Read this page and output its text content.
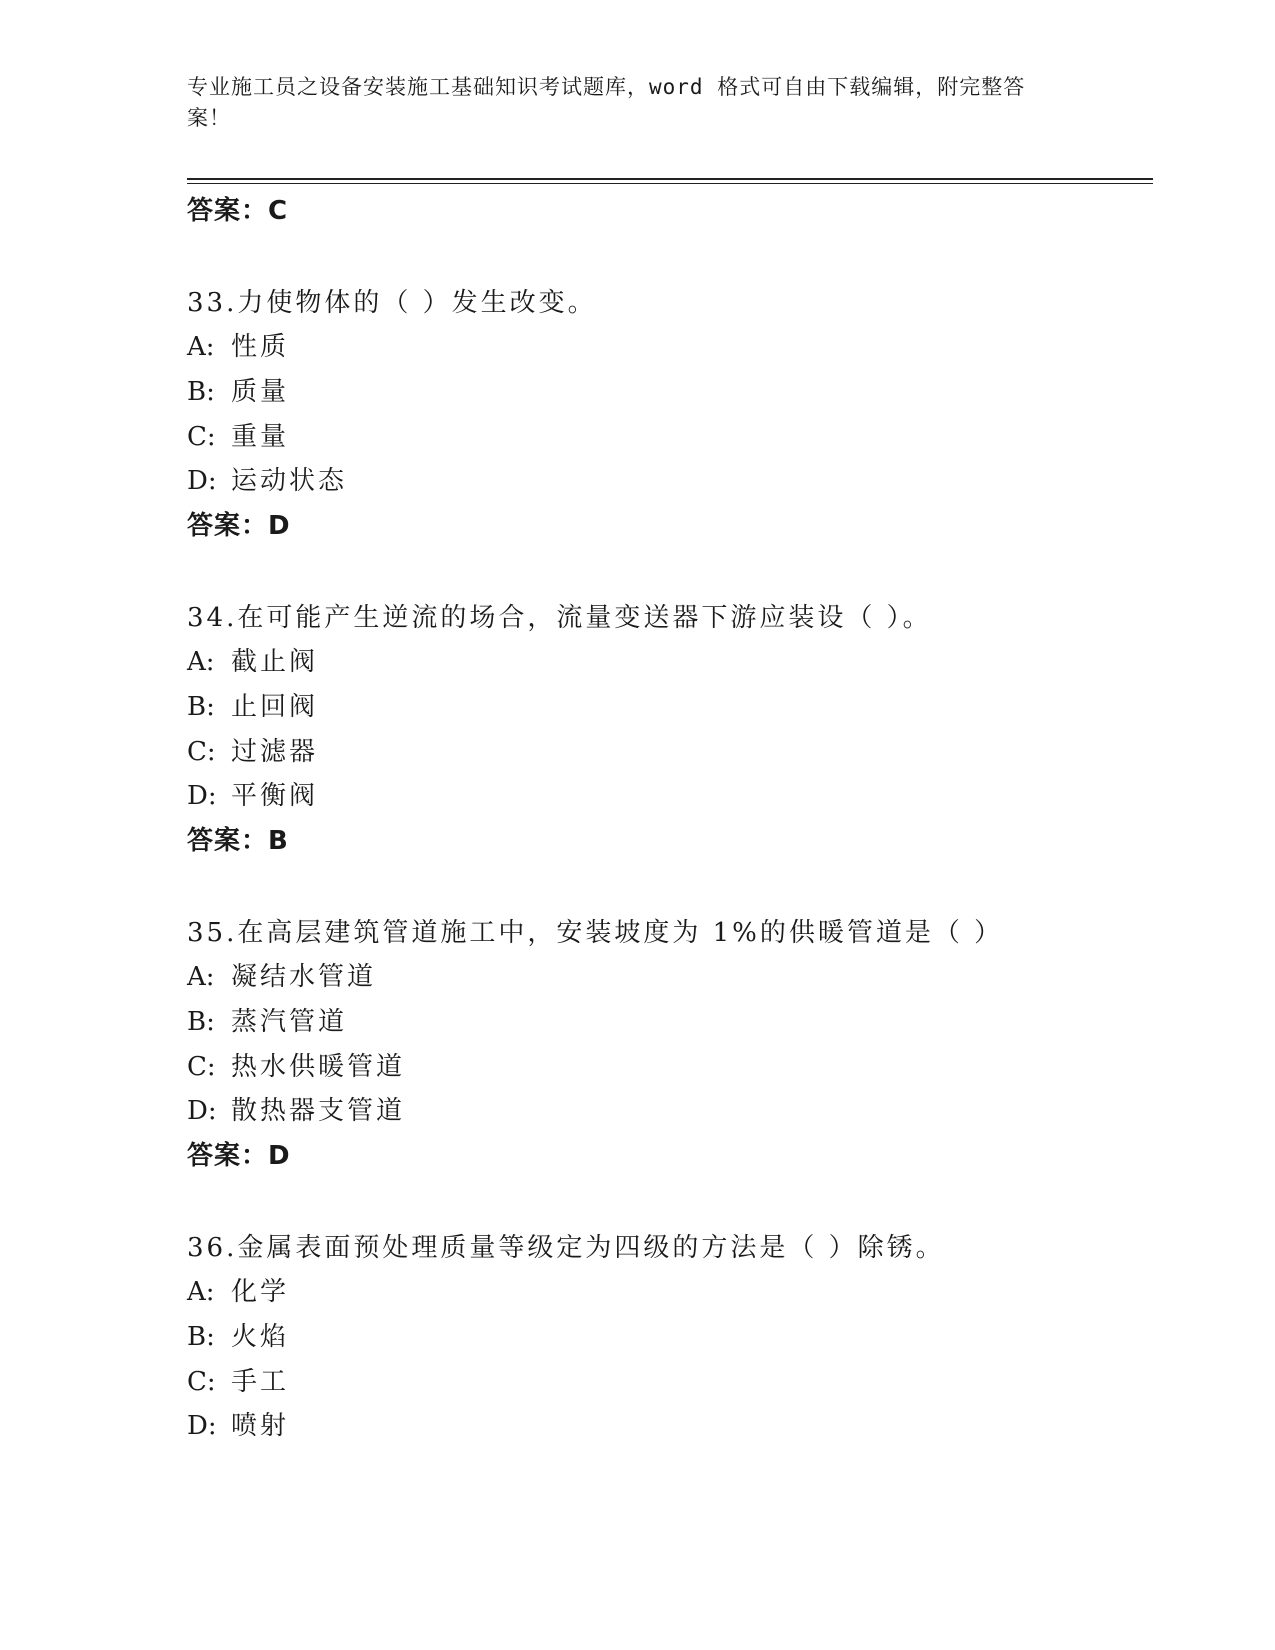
专业施工员之设备安装施工基础知识考试题库，word 格式可自由下载编辑，附完整答案！
答案：C
33.力使物体的（ ）发生改变。
A: 性质
B: 质量
C: 重量
D: 运动状态
答案：D
34.在可能产生逆流的场合，流量变送器下游应装设（ ）。
A: 截止阀
B: 止回阀
C: 过滤器
D: 平衡阀
答案：B
35.在高层建筑管道施工中，安装坡度为 1%的供暖管道是（ ）
A: 凝结水管道
B: 蒸汽管道
C: 热水供暖管道
D: 散热器支管道
答案：D
36.金属表面预处理质量等级定为四级的方法是（ ）除锈。
A: 化学
B: 火焰
C: 手工
D: 喷射
